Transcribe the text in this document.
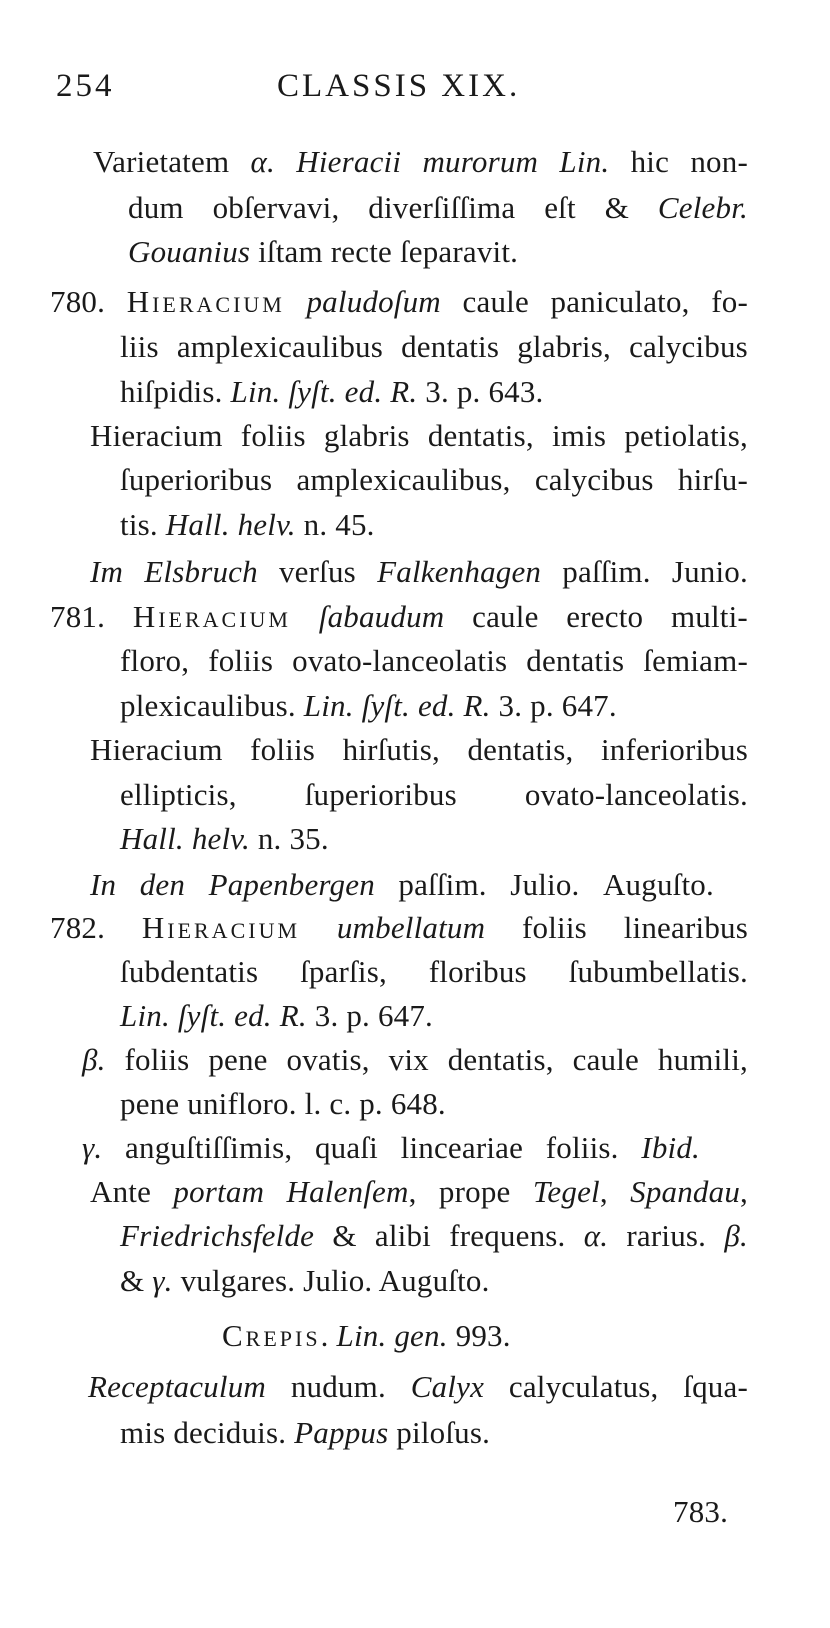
254	CLASSIS XIX.
Varietatem α. Hieracii murorum Lin. hic non-
dum obſervavi, diverſiſſima eſt & Celebr.
Gouanius iſtam recte ſeparavit.
780. Hieracium paludoſum caule paniculato, fo-
liis amplexicaulibus dentatis glabris, calycibus
hiſpidis. Lin. ſyſt. ed. R. 3. p. 643.
Hieracium foliis glabris dentatis, imis petiolatis,
ſuperioribus amplexicaulibus, calycibus hirſu-
tis. Hall. helv. n. 45.
Im Elsbruch verſus Falkenhagen paſſim. Junio.
781. Hieracium ſabaudum caule erecto multi-
floro, foliis ovato-lanceolatis dentatis ſemiam-
plexicaulibus. Lin. ſyſt. ed. R. 3. p. 647.
Hieracium foliis hirſutis, dentatis, inferioribus
ellipticis, ſuperioribus ovato-lanceolatis.
Hall. helv. n. 35.
In den Papenbergen paſſim. Julio. Auguſto.
782. Hieracium umbellatum foliis linearibus
ſubdentatis ſparſis, floribus ſubumbellatis.
Lin. ſyſt. ed. R. 3. p. 647.
β. foliis pene ovatis, vix dentatis, caule humili,
pene unifloro. l. c. p. 648.
γ. anguſtiſſimis, quaſi linceariae foliis. Ibid.
Ante portam Halenſem, prope Tegel, Spandau,
Friedrichsfelde & alibi frequens. α. rarius. β.
& γ. vulgares. Julio. Auguſto.
Crepis. Lin. gen. 993.
Receptaculum nudum. Calyx calyculatus, ſqua-
mis deciduis. Pappus piloſus.
783.
